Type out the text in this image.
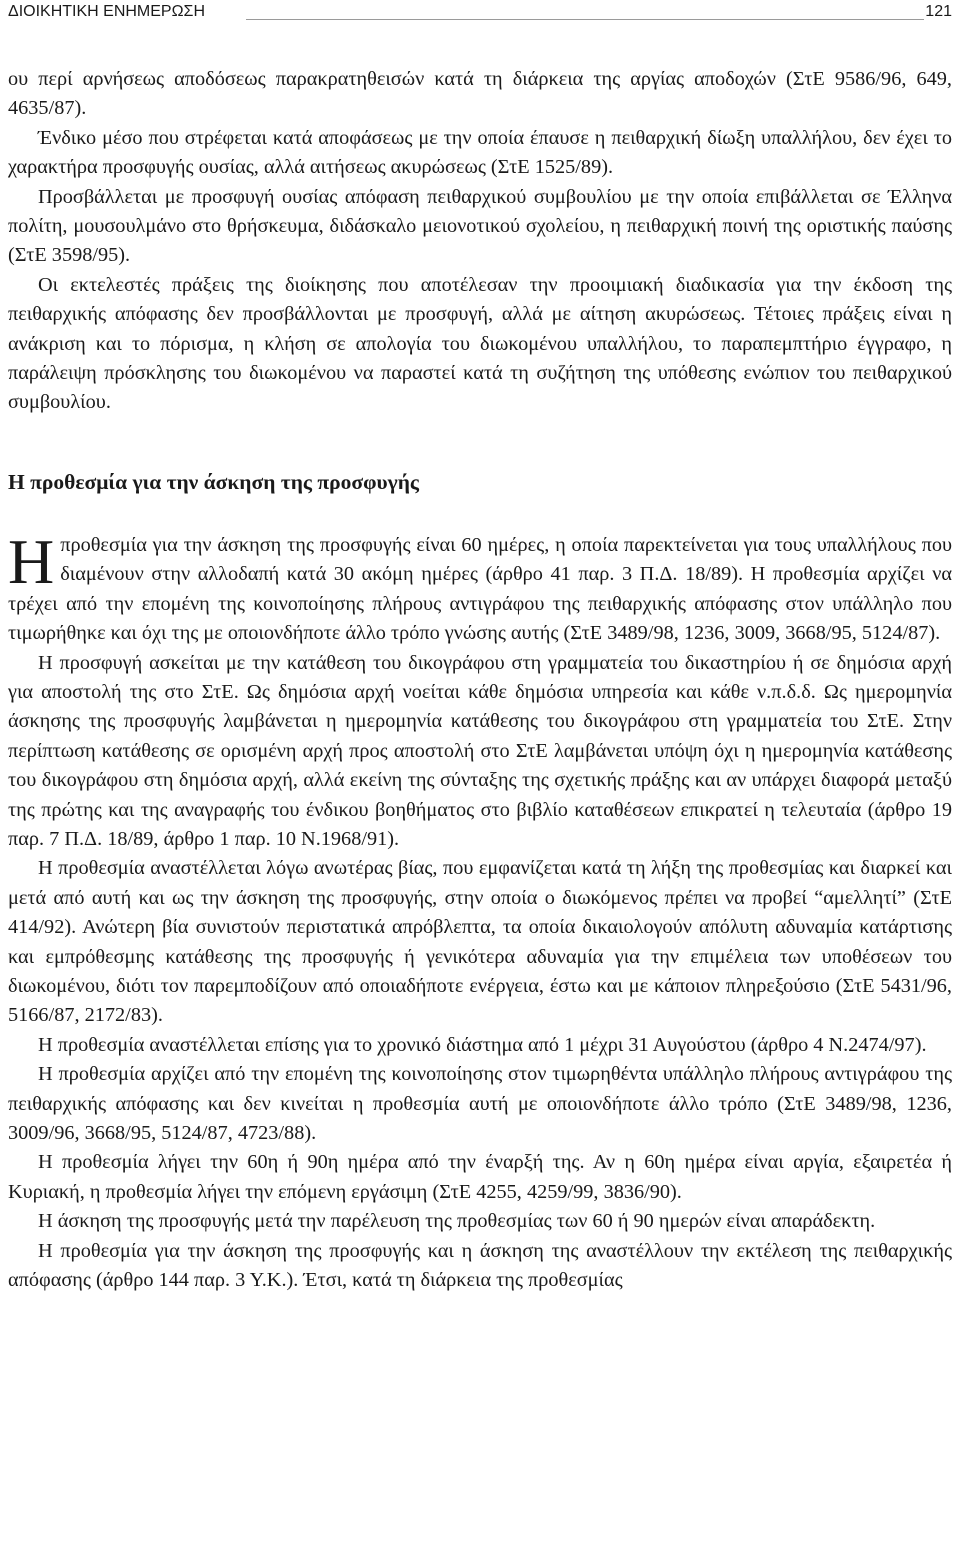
ΔΙΟΙΚΗΤΙΚΗ ΕΝΗΜΕΡΩΣΗ	121

ου περί αρνήσεως αποδόσεως παρακρατηθεισών κατά τη διάρκεια της αργίας αποδοχών (ΣτΕ 9586/96, 649, 4635/87).

Ένδικο μέσο που στρέφεται κατά αποφάσεως με την οποία έπαυσε η πειθαρχική δίωξη υπαλλήλου, δεν έχει το χαρακτήρα προσφυγής ουσίας, αλλά αιτήσεως ακυρώσεως (ΣτΕ 1525/89).

Προσβάλλεται με προσφυγή ουσίας απόφαση πειθαρχικού συμβουλίου με την οποία επιβάλλεται σε Έλληνα πολίτη, μουσουλμάνο στο θρήσκευμα, διδάσκαλο μειονοτικού σχολείου, η πειθαρχική ποινή της οριστικής παύσης (ΣτΕ 3598/95).

Οι εκτελεστές πράξεις της διοίκησης που αποτέλεσαν την προοιμιακή διαδικασία για την έκδοση της πειθαρχικής απόφασης δεν προσβάλλονται με προσφυγή, αλλά με αίτηση ακυρώσεως. Τέτοιες πράξεις είναι η ανάκριση και το πόρισμα, η κλήση σε απολογία του διωκομένου υπαλλήλου, το παραπεμπτήριο έγγραφο, η παράλειψη πρόσκλησης του διωκομένου να παραστεί κατά τη συζήτηση της υπόθεσης ενώπιον του πειθαρχικού συμβουλίου.

Η προθεσμία για την άσκηση της προσφυγής

Ηπροθεσμία για την άσκηση της προσφυγής είναι 60 ημέρες, η οποία παρεκτείνεται για τους υπαλλήλους που διαμένουν στην αλλοδαπή κατά 30 ακόμη ημέρες (άρθρο 41 παρ. 3 Π.Δ. 18/89). Η προθεσμία αρχίζει να τρέχει από την επομένη της κοινοποίησης πλήρους αντιγράφου της πειθαρχικής απόφασης στον υπάλληλο που τιμωρήθηκε και όχι της με οποιονδήποτε άλλο τρόπο γνώσης αυτής (ΣτΕ 3489/98, 1236, 3009, 3668/95, 5124/87).

Η προσφυγή ασκείται με την κατάθεση του δικογράφου στη γραμματεία του δικαστηρίου ή σε δημόσια αρχή για αποστολή της στο ΣτΕ. Ως δημόσια αρχή νοείται κάθε δημόσια υπηρεσία και κάθε ν.π.δ.δ. Ως ημερομηνία άσκησης της προσφυγής λαμβάνεται η ημερομηνία κατάθεσης του δικογράφου στη γραμματεία του ΣτΕ. Στην περίπτωση κατάθεσης σε ορισμένη αρχή προς αποστολή στο ΣτΕ λαμβάνεται υπόψη όχι η ημερομηνία κατάθεσης του δικογράφου στη δημόσια αρχή, αλλά εκείνη της σύνταξης της σχετικής πράξης και αν υπάρχει διαφορά μεταξύ της πρώτης και της αναγραφής του ένδικου βοηθήματος στο βιβλίο καταθέσεων επικρατεί η τελευταία (άρθρο 19 παρ. 7 Π.Δ. 18/89, άρθρο 1 παρ. 10 Ν.1968/91).

Η προθεσμία αναστέλλεται λόγω ανωτέρας βίας, που εμφανίζεται κατά τη λήξη της προθεσμίας και διαρκεί και μετά από αυτή και ως την άσκηση της προσφυγής, στην οποία ο διωκόμενος πρέπει να προβεί “αμελλητί” (ΣτΕ 414/92). Ανώτερη βία συνιστούν περιστατικά απρόβλεπτα, τα οποία δικαιολογούν απόλυτη αδυναμία κατάρτισης και εμπρόθεσμης κατάθεσης της προσφυγής ή γενικότερα αδυναμία για την επιμέλεια των υποθέσεων του διωκομένου, διότι τον παρεμποδίζουν από οποιαδήποτε ενέργεια, έστω και με κάποιον πληρεξούσιο (ΣτΕ 5431/96, 5166/87, 2172/83).

Η προθεσμία αναστέλλεται επίσης για το χρονικό διάστημα από 1 μέχρι 31 Αυγούστου (άρθρο 4 Ν.2474/97).

Η προθεσμία αρχίζει από την επομένη της κοινοποίησης στον τιμωρηθέντα υπάλληλο πλήρους αντιγράφου της πειθαρχικής απόφασης και δεν κινείται η προθεσμία αυτή με οποιονδήποτε άλλο τρόπο (ΣτΕ 3489/98, 1236, 3009/96, 3668/95, 5124/87, 4723/88).

Η προθεσμία λήγει την 60η ή 90η ημέρα από την έναρξή της. Αν η 60η ημέρα είναι αργία, εξαιρετέα ή Κυριακή, η προθεσμία λήγει την επόμενη εργάσιμη (ΣτΕ 4255, 4259/99, 3836/90).

Η άσκηση της προσφυγής μετά την παρέλευση της προθεσμίας των 60 ή 90 ημερών είναι απαράδεκτη.

Η προθεσμία για την άσκηση της προσφυγής και η άσκηση της αναστέλλουν την εκτέλεση της πειθαρχικής απόφασης (άρθρο 144 παρ. 3 Υ.Κ.). Έτσι, κατά τη διάρκεια της προθεσμίας
